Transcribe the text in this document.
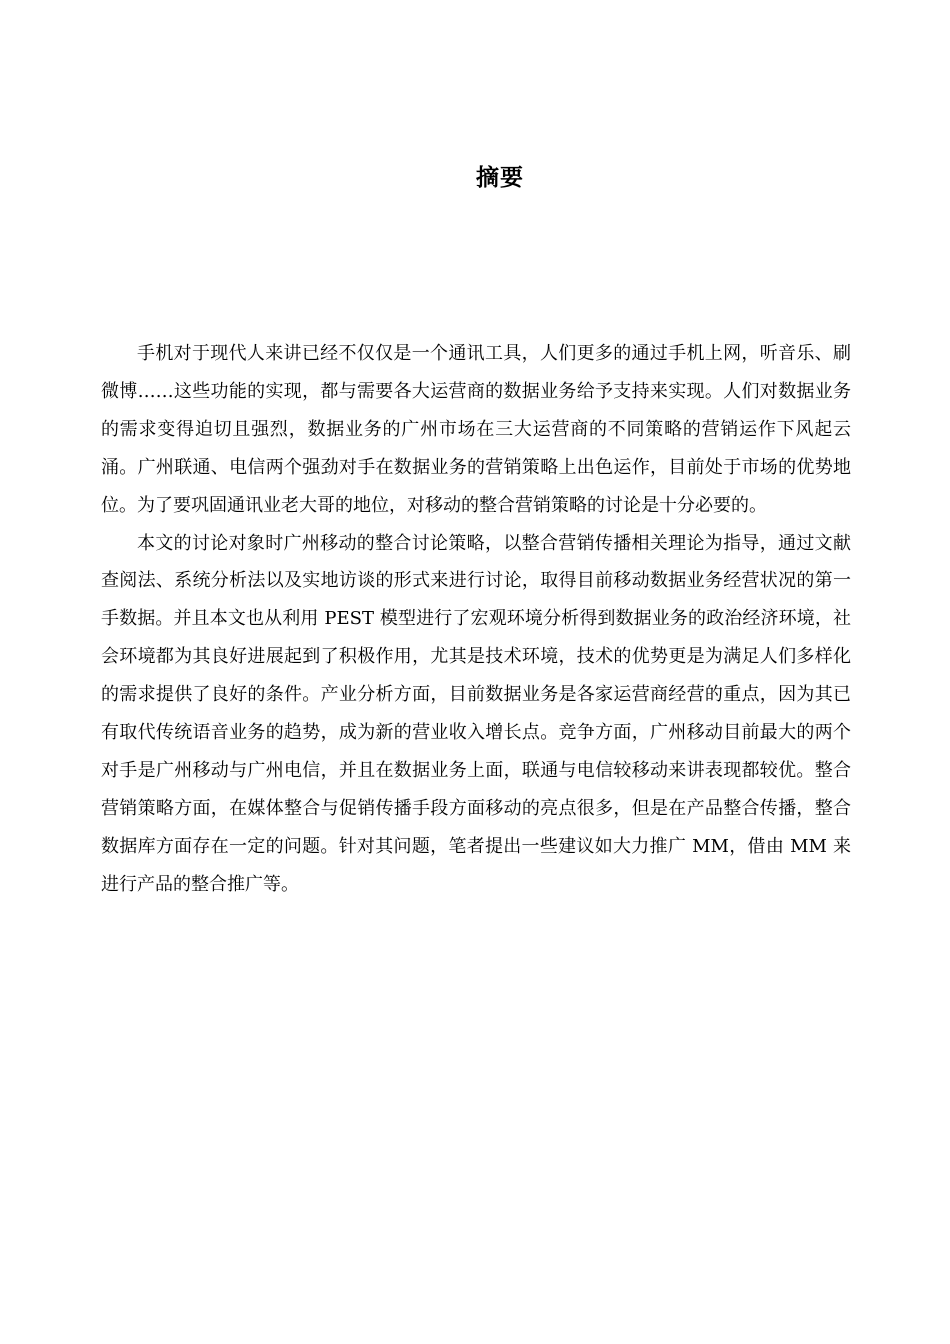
摘要

手机对于现代人来讲已经不仅仅是一个通讯工具，人们更多的通过手机上网，听音乐、刷微博……这些功能的实现，都与需要各大运营商的数据业务给予支持来实现。人们对数据业务的需求变得迫切且强烈，数据业务的广州市场在三大运营商的不同策略的营销运作下风起云涌。广州联通、电信两个强劲对手在数据业务的营销策略上出色运作，目前处于市场的优势地位。为了要巩固通讯业老大哥的地位，对移动的整合营销策略的讨论是十分必要的。

本文的讨论对象时广州移动的整合讨论策略，以整合营销传播相关理论为指导，通过文献查阅法、系统分析法以及实地访谈的形式来进行讨论，取得目前移动数据业务经营状况的第一手数据。并且本文也从利用 PEST 模型进行了宏观环境分析得到数据业务的政治经济环境，社会环境都为其良好进展起到了积极作用，尤其是技术环境，技术的优势更是为满足人们多样化的需求提供了良好的条件。产业分析方面，目前数据业务是各家运营商经营的重点，因为其已有取代传统语音业务的趋势，成为新的营业收入增长点。竞争方面，广州移动目前最大的两个对手是广州移动与广州电信，并且在数据业务上面，联通与电信较移动来讲表现都较优。整合营销策略方面，在媒体整合与促销传播手段方面移动的亮点很多，但是在产品整合传播，整合数据库方面存在一定的问题。针对其问题，笔者提出一些建议如大力推广 MM，借由 MM 来进行产品的整合推广等。
